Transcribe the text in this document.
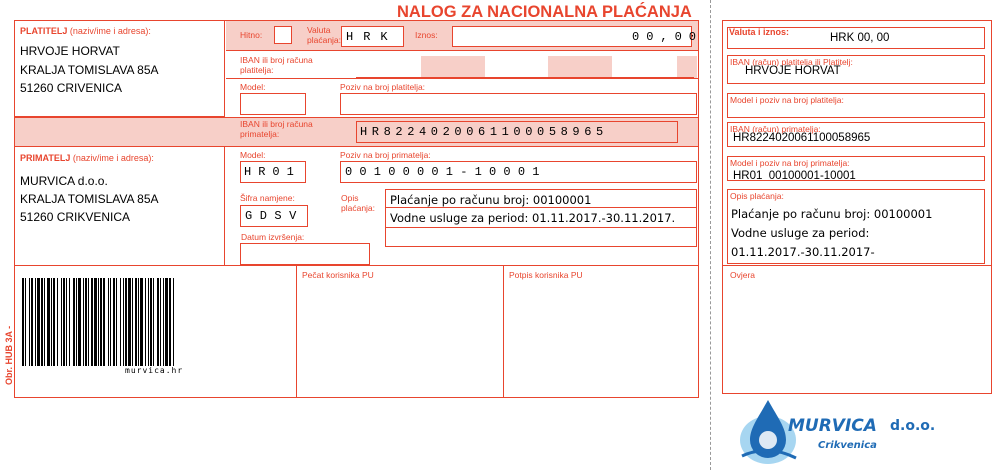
NALOG ZA NACIONALNA PLAĆANJA
Obr. HUB 3A -
PLATITELJ (naziv/ime i adresa):
HRVOJE HORVAT
KRALJA TOMISLAVA 85A
51260 CRIVENICA
Hitno:	Valuta plaćanja: HRK Iznos:	00,00
IBAN ili broj računa platitelja:
Model:	Poziv na broj platitelja:
IBAN ili broj računa primatelja:	HR8224020061100058965
PRIMATELJ (naziv/ime i adresa):
MURVICA d.o.o.
KRALJA TOMISLAVA 85A
51260 CRIKVENICA
Model:
HR01
Poziv na broj primatelja:
00100001-10001
Šifra namjene:
GDSV
Opis plaćanja:
Plaćanje po računu broj: 00100001
Vodne usluge za period: 01.11.2017.-30.11.2017.
Datum izvršenja:
Pečat korisnika PU	Potpis korisnika PU
murvica.hr
Valuta i iznos:	HRK 00, 00
IBAN (račun) platitelja ili Platitelj:
HRVOJE HORVAT
Model i poziv na broj platitelja:
IBAN (račun) primatelja:
HR8224020061100058965
Model i poziv na broj primatelja:
HR01  00100001-10001
Opis plaćanja:
Plaćanje po računu broj: 00100001
Vodne usluge za period:
01.11.2017.-30.11.2017-
Ovjera
MURVICA d.o.o.
Crikvenica
